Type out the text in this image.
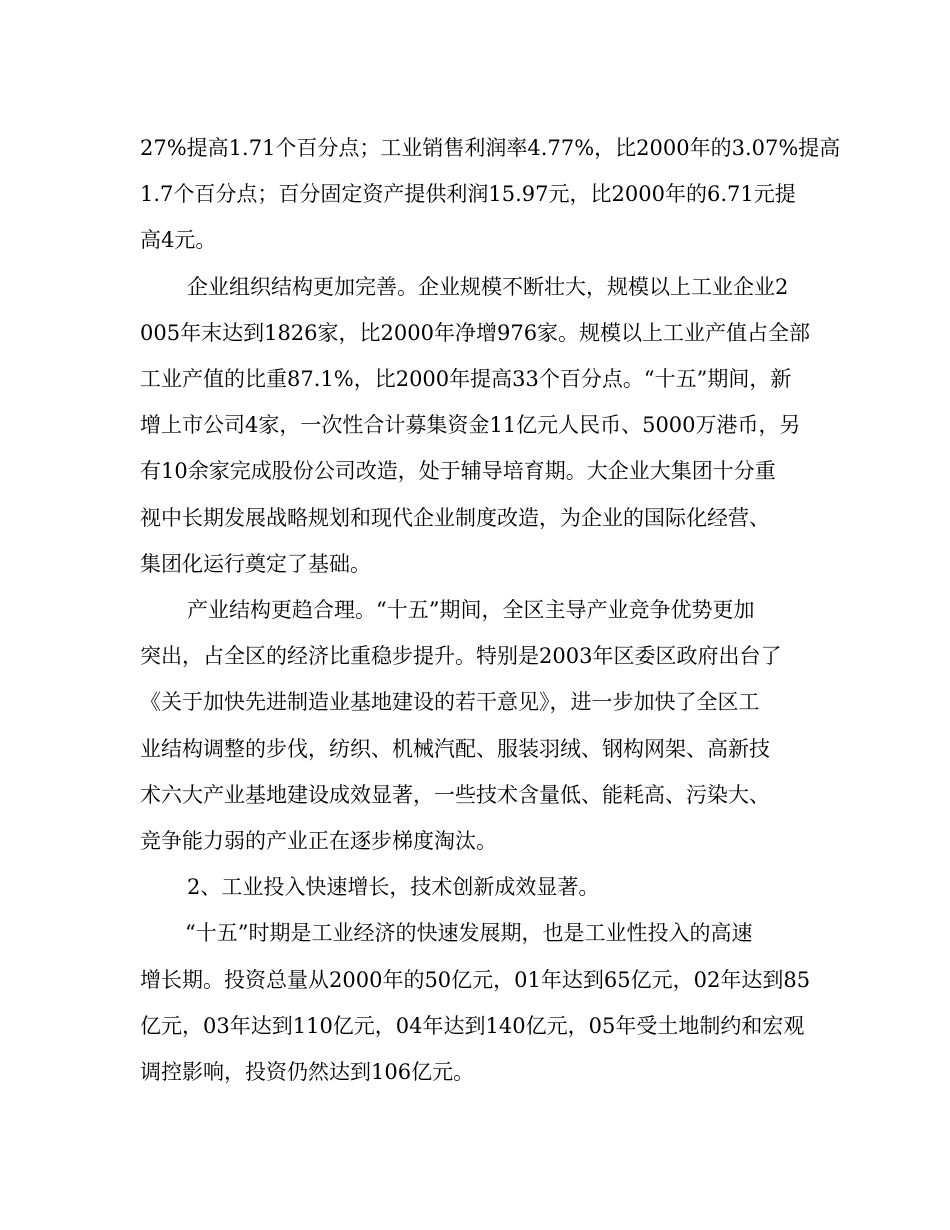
27%提高1.71个百分点；工业销售利润率4.77%，比2000年的3.07%提高
1.7个百分点；百分固定资产提供利润15.97元，比2000年的6.71元提
高4元。
企业组织结构更加完善。企业规模不断壮大，规模以上工业企业2
005年末达到1826家，比2000年净增976家。规模以上工业产值占全部
工业产值的比重87.1%，比2000年提高33个百分点。“十五”期间，新
增上市公司4家，一次性合计募集资金11亿元人民币、5000万港币，另
有10余家完成股份公司改造，处于辅导培育期。大企业大集团十分重
视中长期发展战略规划和现代企业制度改造，为企业的国际化经营、
集团化运行奠定了基础。
产业结构更趋合理。“十五”期间，全区主导产业竞争优势更加
突出，占全区的经济比重稳步提升。特别是2003年区委区政府出台了
《关于加快先进制造业基地建设的若干意见》，进一步加快了全区工
业结构调整的步伐，纺织、机械汽配、服装羽绒、钢构网架、高新技
术六大产业基地建设成效显著，一些技术含量低、能耗高、污染大、
竞争能力弱的产业正在逐步梯度淘汰。
2、工业投入快速增长，技术创新成效显著。
“十五”时期是工业经济的快速发展期，也是工业性投入的高速
增长期。投资总量从2000年的50亿元，01年达到65亿元，02年达到85
亿元，03年达到110亿元，04年达到140亿元，05年受土地制约和宏观
调控影响，投资仍然达到106亿元。
